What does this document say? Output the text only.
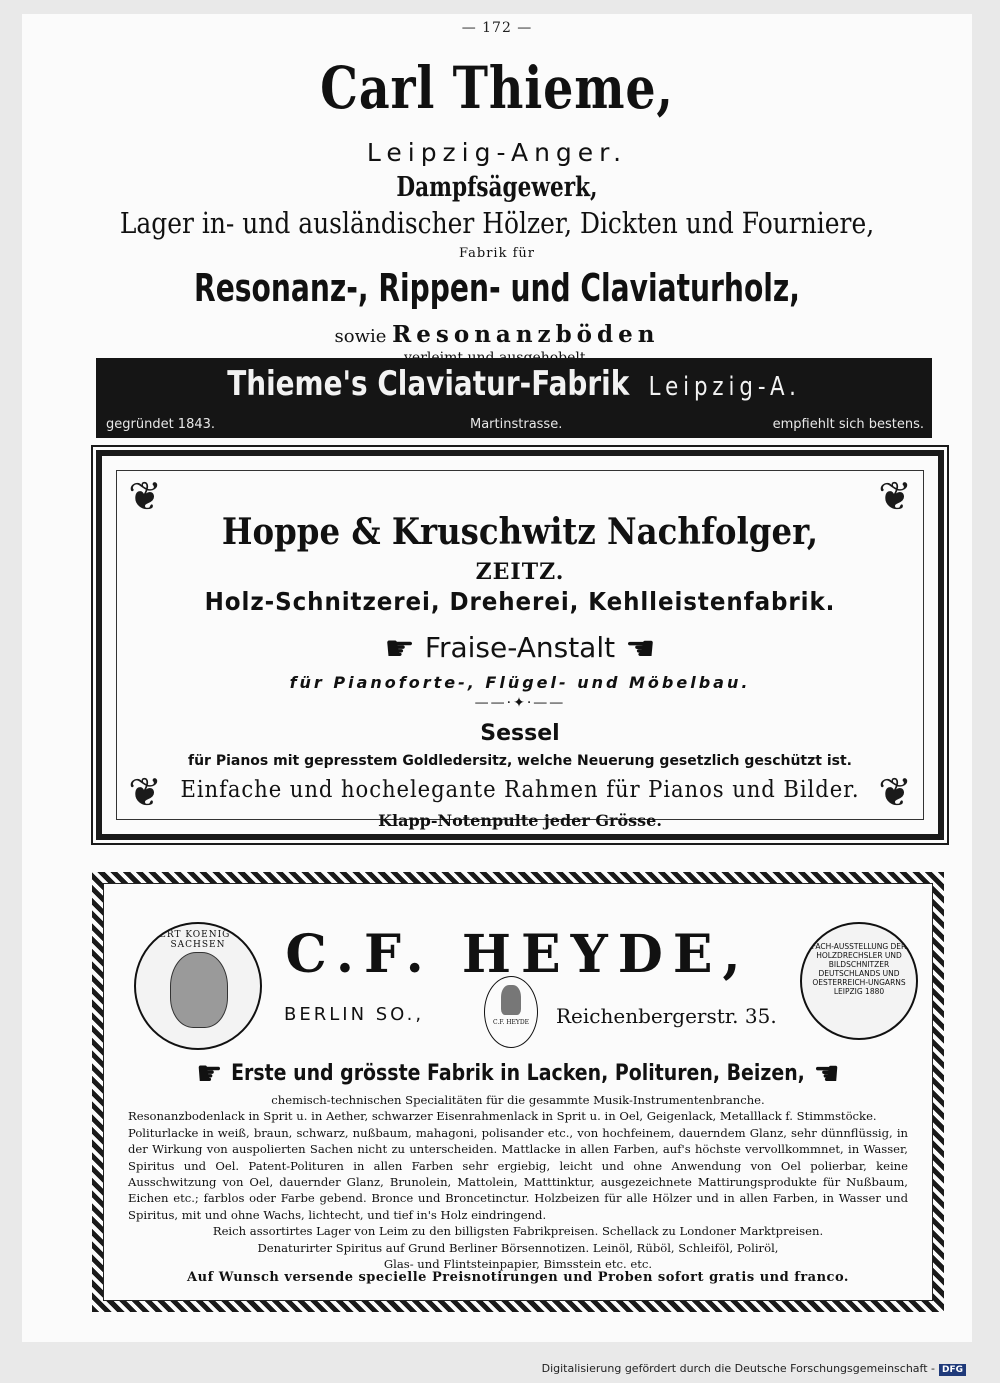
— 172 —
Carl Thieme,
Leipzig-Anger.
Dampfsägewerk,
Lager in- und ausländischer Hölzer, Dickten und Fourniere,
Fabrik für
Resonanz-, Rippen- und Claviaturholz,
sowie Resonanzböden
Thieme's Claviatur-Fabrik Leipzig-A.
gegründet 1843.	Martinstrasse.	empfiehlt sich bestens.
❦	❦
❦	❦
Hoppe & Kruschwitz Nachfolger,
ZEITZ.
Holz-Schnitzerei, Dreherei, Kehlleistenfabrik.
☛ Fraise-Anstalt ☚
für Pianoforte-, Flügel- und Möbelbau.
——·✦·——
Sessel
für Pianos mit gepresstem Goldledersitz, welche Neuerung gesetzlich geschützt ist.
Einfache und hochelegante Rahmen für Pianos und Bilder.
Klapp-Notenpulte jeder Grösse.
ALBERT KOENIG VON SACHSEN	FACH-AUSSTELLUNG DER HOLZDRECHSLER UND BILDSCHNITZER DEUTSCHLANDS UND OESTERREICH-UNGARNS LEIPZIG 1880
C.F. HEYDE,
BERLIN SO.,	Reichenbergerstr. 35.
C.F. HEYDE
☛ Erste und grösste Fabrik in Lacken, Polituren, Beizen, ☚

chemisch-technischen Specialitäten für die gesammte Musik-Instrumentenbranche.

Resonanzbodenlack in Sprit u. in Aether, schwarzer Eisenrahmenlack in Sprit u. in Oel, Geigenlack, Metalllack f. Stimmstöcke.

Politurlacke in weiß, braun, schwarz, nußbaum, mahagoni, polisander etc., von hochfeinem, dauerndem Glanz, sehr dünnflüssig, in der Wirkung von auspolierten Sachen nicht zu unterscheiden. Mattlacke in allen Farben, auf's höchste vervollkommnet, in Wasser, Spiritus und Oel. Patent-Polituren in allen Farben sehr ergiebig, leicht und ohne Anwendung von Oel polierbar, keine Ausschwitzung von Oel, dauernder Glanz, Brunolein, Mattolein, Matttinktur, ausgezeichnete Mattirungsprodukte für Nußbaum, Eichen etc.; farblos oder Farbe gebend. Bronce und Broncetinctur. Holzbeizen für alle Hölzer und in allen Farben, in Wasser und Spiritus, mit und ohne Wachs, lichtecht, und tief in's Holz eindringend.

Reich assortirtes Lager von Leim zu den billigsten Fabrikpreisen. Schellack zu Londoner Marktpreisen.

Denaturirter Spiritus auf Grund Berliner Börsennotizen. Leinöl, Rüböl, Schleiföl, Poliröl,

Glas- und Flintsteinpapier, Bimsstein etc. etc.

Auf Wunsch versende specielle Preisnotirungen und Proben sofort gratis und franco.
Digitalisierung gefördert durch die Deutsche Forschungsgemeinschaft - DFG
